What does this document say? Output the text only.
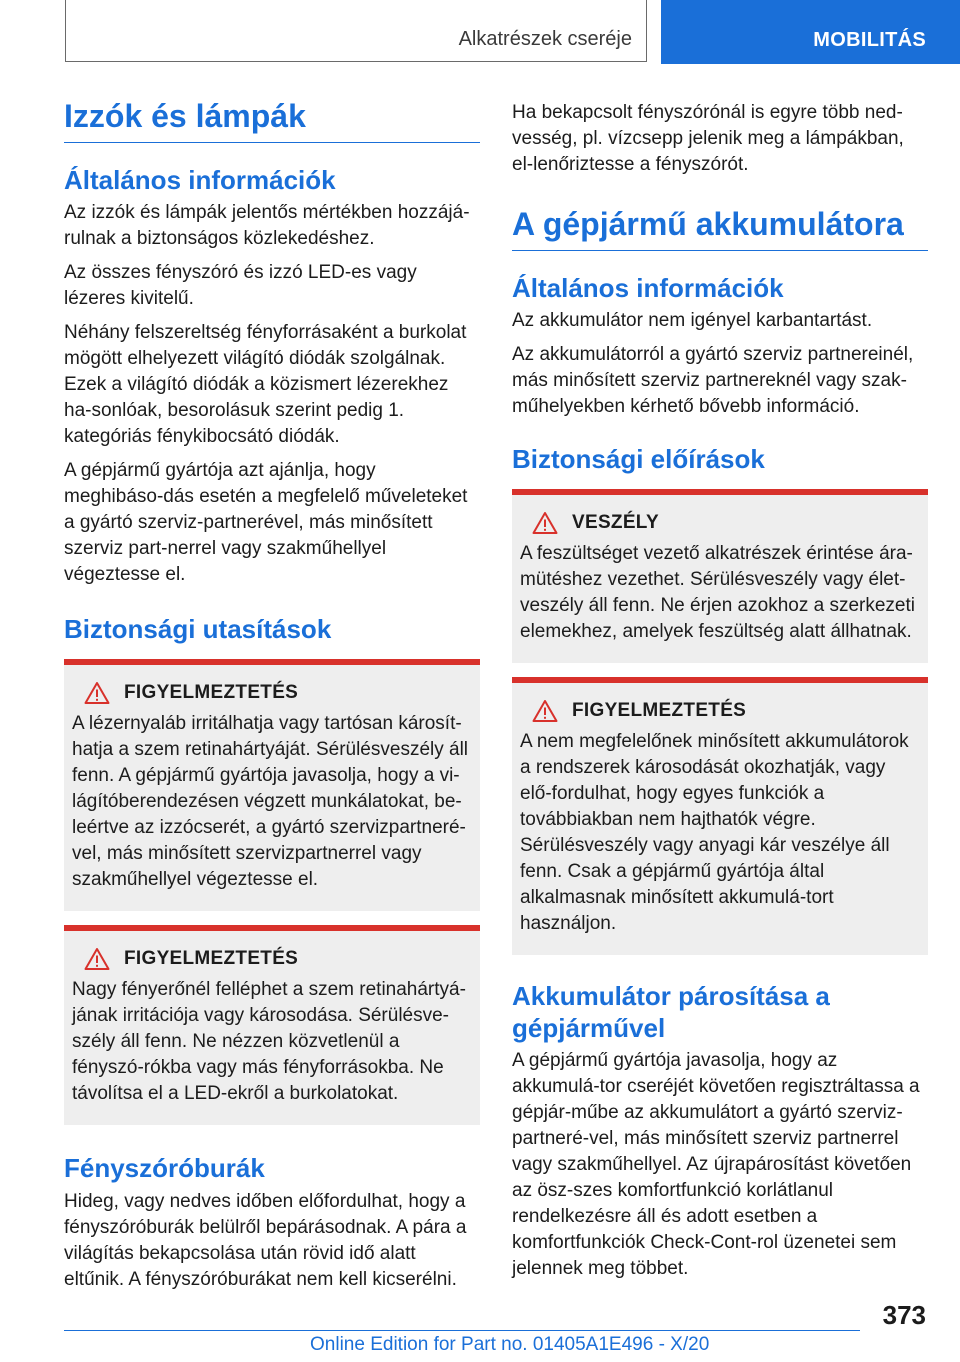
Alkatrészek cseréje	MOBILITÁS
Izzók és lámpák
Általános információk

Az izzók és lámpák jelentős mértékben hozzájá-rulnak a biztonságos közlekedéshez.

Az összes fényszóró és izzó LED-es vagy lézeres kivitelű.

Néhány felszereltség fényforrásaként a burkolat mögött elhelyezett világító diódák szolgálnak. Ezek a világító diódák a közismert lézerekhez ha-sonlóak, besorolásuk szerint pedig 1. kategóriás fénykibocsátó diódák.

A gépjármű gyártója azt ajánlja, hogy meghibáso-dás esetén a megfelelő műveleteket a gyártó szerviz-partnerével, más minősített szerviz part-nerrel vagy szakműhellyel végeztesse el.

Biztonsági utasítások
FIGYELMEZTETÉS

A lézernyaláb irritálhatja vagy tartósan károsít-hatja a szem retinahártyáját. Sérülésveszély áll fenn. A gépjármű gyártója javasolja, hogy a vi-lágítóberendezésen végzett munkálatokat, be-leértve az izzócserét, a gyártó szervizpartneré-vel, más minősített szervizpartnerrel vagy szakműhellyel végeztesse el.

FIGYELMEZTETÉS

Nagy fényerőnél felléphet a szem retinahártyá-jának irritációja vagy károsodása. Sérülésve-szély áll fenn. Ne nézzen közvetlenül a fényszó-rókba vagy más fényforrásokba. Ne távolítsa el a LED-ekről a burkolatokat.

Fényszóróburák

Hideg, vagy nedves időben előfordulhat, hogy a fényszóróburák belülről bepárásodnak. A pára a világítás bekapcsolása után rövid idő alatt eltűnik. A fényszóróburákat nem kell kicserélni.

Ha bekapcsolt fényszórónál is egyre több ned-vesség, pl. vízcsepp jelenik meg a lámpákban, el-lenőriztesse a fényszórót.

A gépjármű akkumulátora
Általános információk

Az akkumulátor nem igényel karbantartást.

Az akkumulátorról a gyártó szerviz partnereinél, más minősített szerviz partnereknél vagy szak-műhelyekben kérhető bővebb információ.

Biztonsági előírások
VESZÉLY

A feszültséget vezető alkatrészek érintése ára-mütéshez vezethet. Sérülésveszély vagy élet-veszély áll fenn. Ne érjen azokhoz a szerkezeti elemekhez, amelyek feszültség alatt állhatnak.

FIGYELMEZTETÉS

A nem megfelelőnek minősített akkumulátorok a rendszerek károsodását okozhatják, vagy elő-fordulhat, hogy egyes funkciók a továbbiakban nem hajthatók végre. Sérülésveszély vagy anyagi kár veszélye áll fenn. Csak a gépjármű gyártója által alkalmasnak minősített akkumulá-tort használjon.

Akkumulátor párosítása a gépjárművel

A gépjármű gyártója javasolja, hogy az akkumulá-tor cseréjét követően regisztráltassa a gépjár-műbe az akkumulátort a gyártó szerviz-partneré-vel, más minősített szerviz partnerrel vagy szakműhellyel. Az újrapárosítást követően az ösz-szes komfortfunkció korlátlanul rendelkezésre áll és adott esetben a komfortfunkciók Check-Cont-rol üzenetei sem jelennek meg többet.

373
Online Edition for Part no. 01405A1E496 - X/20
